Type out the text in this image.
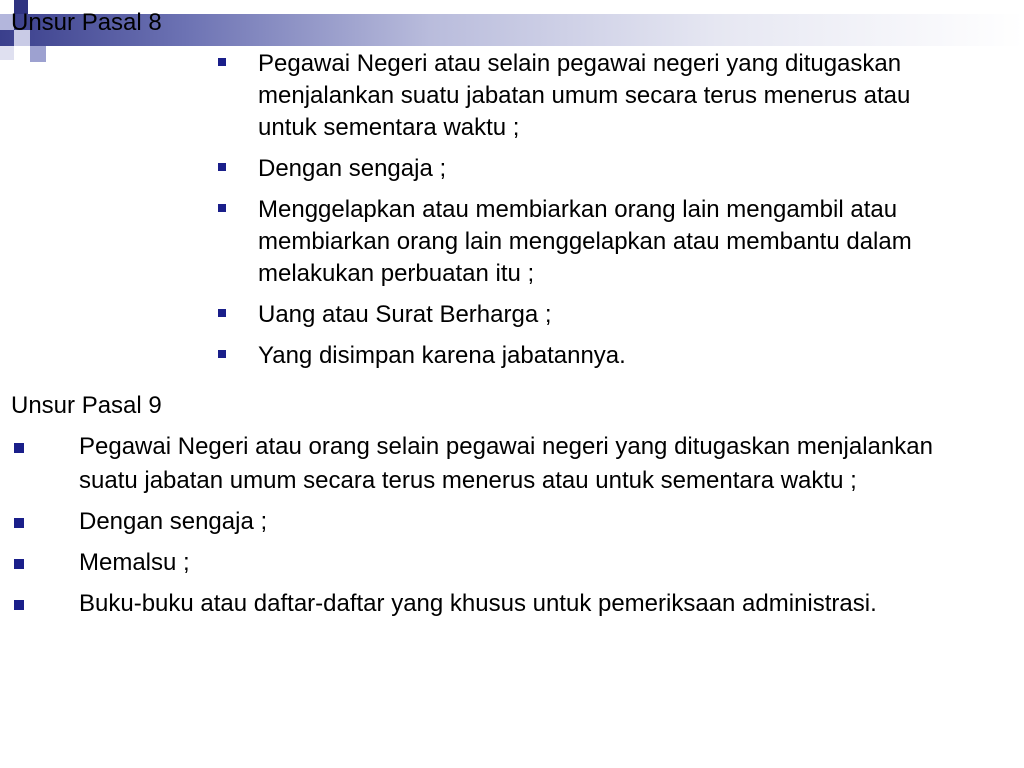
Unsur Pasal 8
Pegawai Negeri atau selain pegawai negeri yang ditugaskan menjalankan suatu jabatan umum secara terus menerus atau untuk sementara waktu ;
Dengan sengaja ;
Menggelapkan atau membiarkan orang lain mengambil atau membiarkan orang lain menggelapkan atau membantu dalam melakukan perbuatan itu ;
Uang atau Surat Berharga ;
Yang disimpan karena jabatannya.
Unsur Pasal 9
Pegawai Negeri atau orang selain pegawai negeri yang ditugaskan menjalankan suatu jabatan umum secara terus menerus atau untuk sementara waktu ;
Dengan sengaja ;
Memalsu ;
Buku-buku atau daftar-daftar yang khusus untuk pemeriksaan administrasi.
